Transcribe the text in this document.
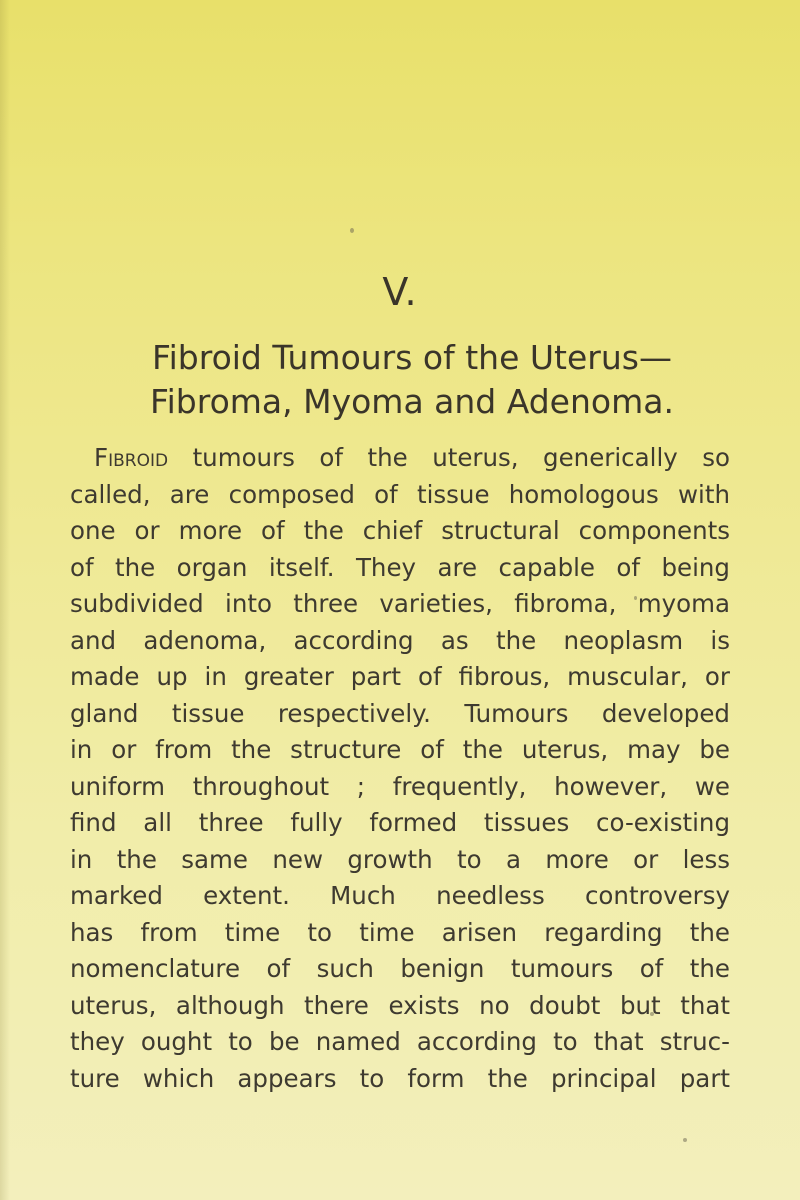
V.
Fibroid Tumours of the Uterus—
Fibroma, Myoma and Adenoma.
Fibroid tumours of the uterus, generically so
called, are composed of tissue homologous with
one or more of the chief structural components
of the organ itself. They are capable of being
subdivided into three varieties, fibroma, myoma
and adenoma, according as the neoplasm is
made up in greater part of fibrous, muscular, or
gland tissue respectively. Tumours developed
in or from the structure of the uterus, may be
uniform throughout ; frequently, however, we
find all three fully formed tissues co-existing
in the same new growth to a more or less
marked extent. Much needless controversy
has from time to time arisen regarding the
nomenclature of such benign tumours of the
uterus, although there exists no doubt but that
they ought to be named according to that struc-
ture which appears to form the principal part
